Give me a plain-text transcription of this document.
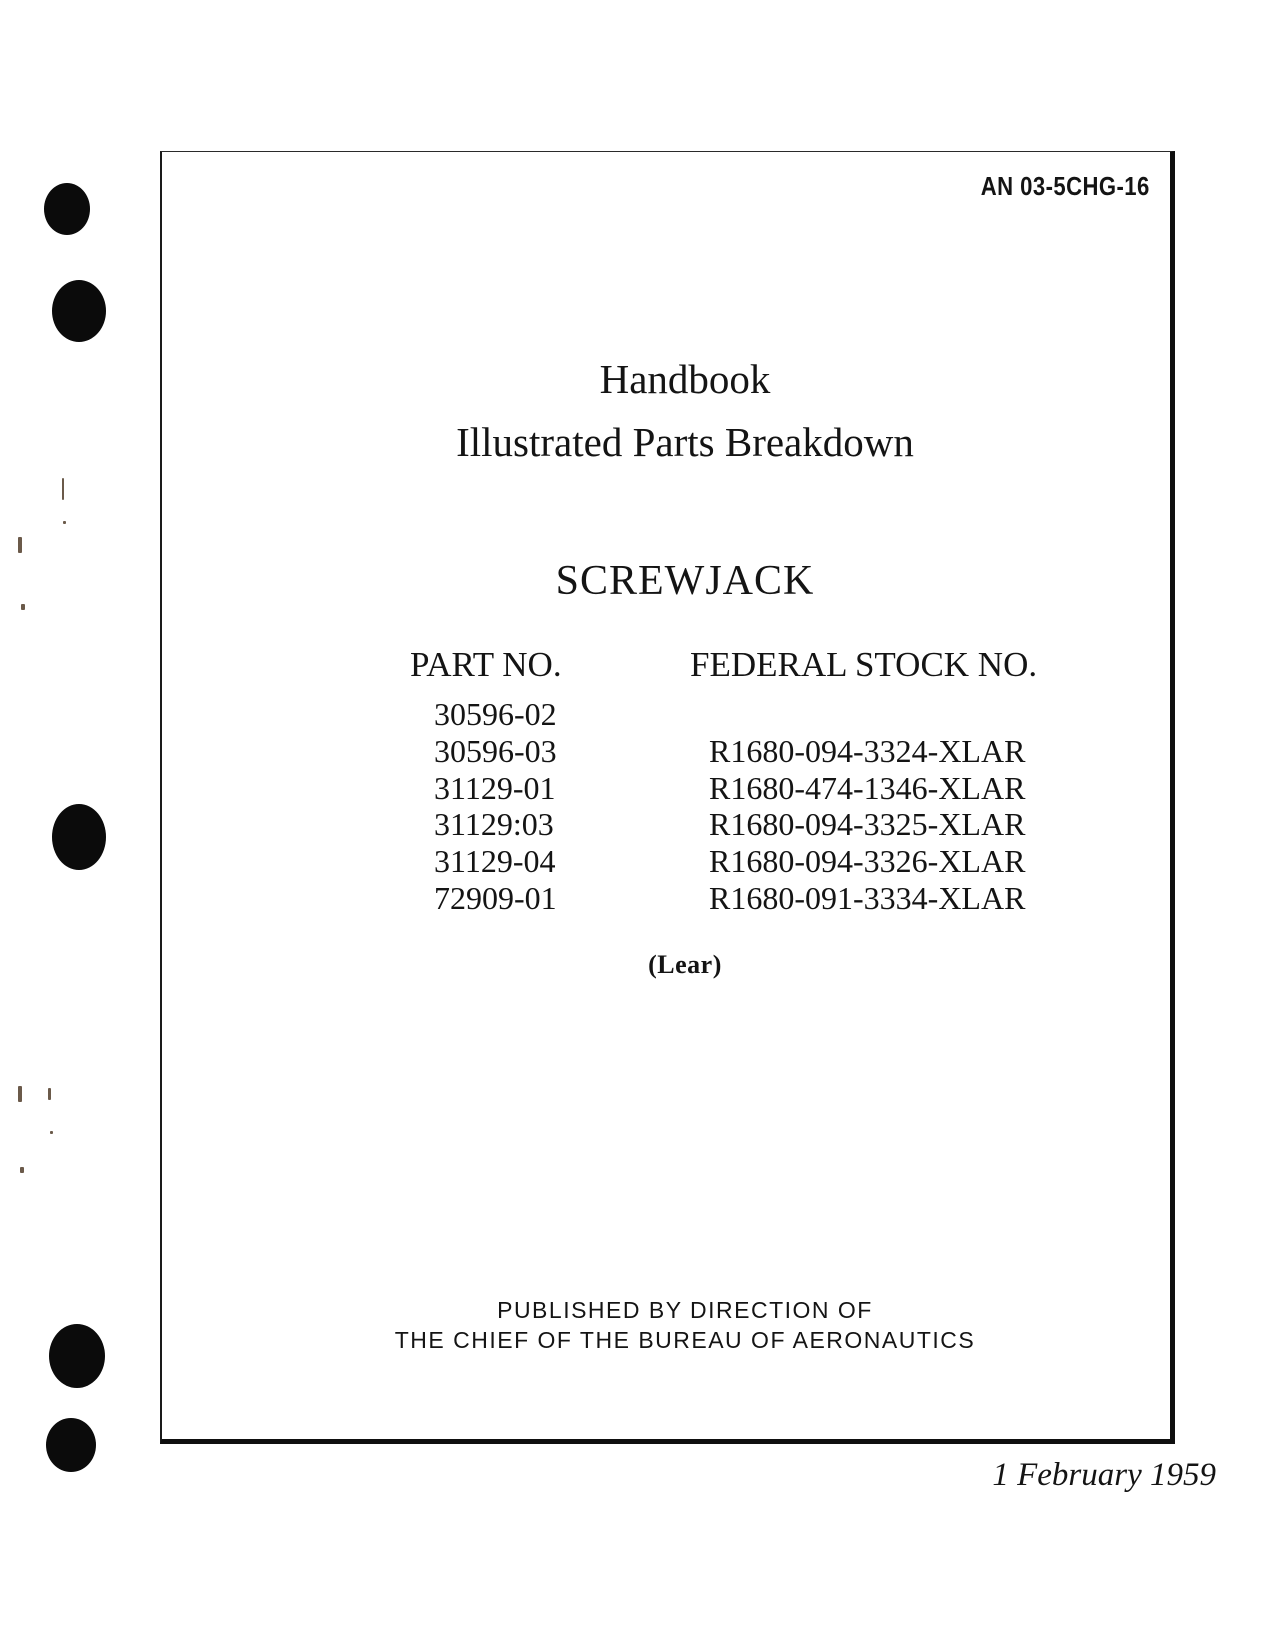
AN 03-5CHG-16
Handbook
Illustrated Parts Breakdown
SCREWJACK
PART NO.	FEDERAL STOCK NO.
30596-02
30596-03	R1680-094-3324-XLAR
31129-01	R1680-474-1346-XLAR
31129:03	R1680-094-3325-XLAR
31129-04	R1680-094-3326-XLAR
72909-01	R1680-091-3334-XLAR
(Lear)
PUBLISHED BY DIRECTION OF
THE CHIEF OF THE BUREAU OF AERONAUTICS
1 February 1959
